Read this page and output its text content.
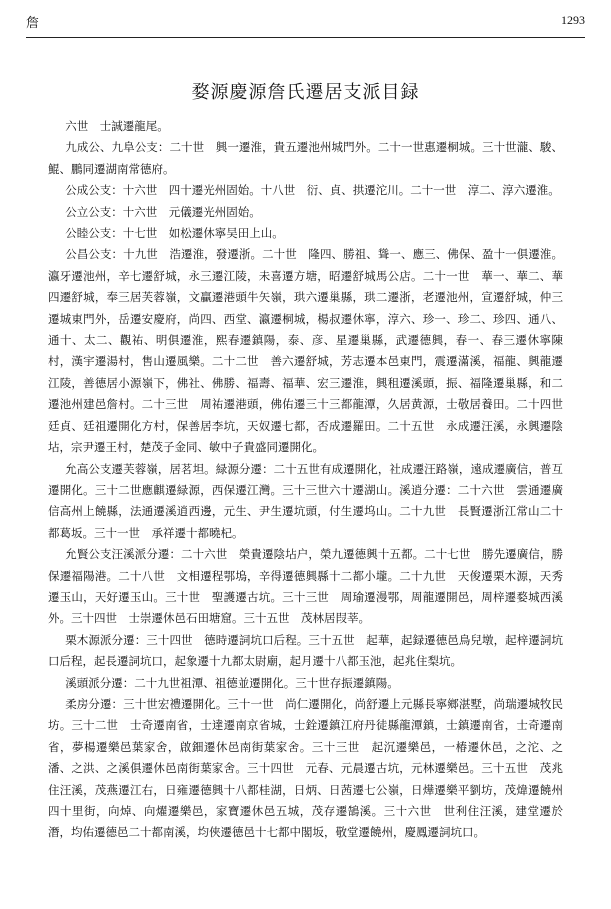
詹	1293
婺源慶源詹氏遷居支派目録

六世　士誠遷龍尾。

九成公、九阜公支：二十世　興一遷淮，貴五遷池州城門外。二十一世惠遷桐城。三十世瀧、駿、鯤、鵬同遷湖南常德府。

公成公支：十六世　四十遷光州固始。十八世　衍、貞、拱遷沱川。二十一世　淳二、淳六遷淮。

公立公支：十六世　元儀遷光州固始。

公睦公支：十七世　如松遷休寧吴田上山。

公昌公支：十九世　浩遷淮，發遷浙。二十世　隆四、勝祖、聳一、應三、佛保、盈十一俱遷淮。瀛牙遷池州，辛七遷舒城，永三遷江陵，未喜遷方塘，昭遷舒城馬公店。二十一世　華一、華二、華四遷舒城，奉三居芙蓉嶺，文贏遷港頭牛矢嶺，珙六遷巢縣，珙二遷浙，老遷池州，宣遷舒城，仲三遷城東門外，岳遷安慶府，尚四、西堂、瀛遷桐城，楊叔遷休寧，淳六、珍一、珍二、珍四、通八、通十、太二、觀祐、明俱遷淮，熙春遷鎮陽，泰、彦、星遷巢縣，武遷德興，春一、春三遷休寧陳村，漢宇遷湯村，售山遷風樂。二十二世　善六遷舒城，芳志遷本邑東門，震遷滿溪，福龍、興龍遷江陵，善德居小源嶺下，佛社、佛勝、福壽、福華、宏三遷淮，興租遷溪頭，振、福隆遷巢縣，和二遷池州建邑詹村。二十三世　周祐遷港頭，佛佑遷三十三都龍潭，久居黄源，士敬居養田。二十四世　廷貞、廷祖遷開化方村，保善居李坑，天奴遷七都，否成遷羅田。二十五世　永成遷汪溪，永興遷陰坫，宗尹遷王村，楚茂子金同、敏中子貴盛同遷開化。

允高公支遷芙蓉嶺，居茗坦。緑源分遷：二十五世有成遷開化，社成遷汪路嶺，遠成遷廣信，普互遷開化。三十二世應麒遷緑源，西保遷江灣。三十三世六十遷湖山。溪逍分遷：二十六世　雲通遷廣信高州上饒縣，法通遷溪逍西邊，元生、尹生遷坑頭，付生遷坞山。二十九世　長賢遷浙江常山二十都葛坂。三十一世　承祥遷十都曉杞。

允賢公支汪溪派分遷：二十六世　榮貴遷陰坫户，榮九遷德興十五都。二十七世　勝先遷廣信，勝保遷福陽港。二十八世　文相遷程鄂塢，辛得遷德興縣十二都小壠。二十九世　天俊遷栗木源，天秀遷玉山，天好遷玉山。三十世　聖護遷古坑。三十三世　周瑜遷漫鄂，周龍遷開邑，周梓遷婺城西溪外。三十四世　士崇遷休邑石田塘窟。三十五世　茂林居叚莘。

栗木源派分遷：三十四世　德時遷詞坑口后程。三十五世　起華，起録遷德邑鳥兒墩，起梓遷詞坑口后程，起長遷詞坑口，起象遷十九都太尉廟，起月遷十八都玉池，起兆住梨坑。

溪頭派分遷：二十九世祖潭、祖德並遷開化。三十世存振遷鎮陽。

柔房分遷：三十世宏禮遷開化。三十一世　尚仁遷開化，尚舒遷上元縣長寧鄉湛墅，尚瑞遷城牧民坊。三十二世　士奇遷南省，士達遷南京省城，士銓遷鎮江府丹徒縣龍潭鎮，士鎮遷南省，士奇遷南省，夢楊遷樂邑葉家舍，啟鈿遷休邑南街葉家舍。三十三世　起沉遷樂邑，一椿遷休邑，之沱、之潘、之洪、之溪俱遷休邑南街葉家舍。三十四世　元春、元晨遷古坑，元林遷樂邑。三十五世　茂兆住汪溪，茂燕遷江右，日雍遷德興十八都桂湖，日炳、日茜遷七公嶺，日燁遷樂平劉坊，茂煒遷饒州四十里街，向焯、向燿遷樂邑，家寶遷休邑五城，茂存遷鵠溪。三十六世　世利住汪溪，建堂遷於潛，均佑遷德邑二十都南溪，均俠遷德邑十七都中閣坂，敬堂遷饒州，慶鳳遷詞坑口。
